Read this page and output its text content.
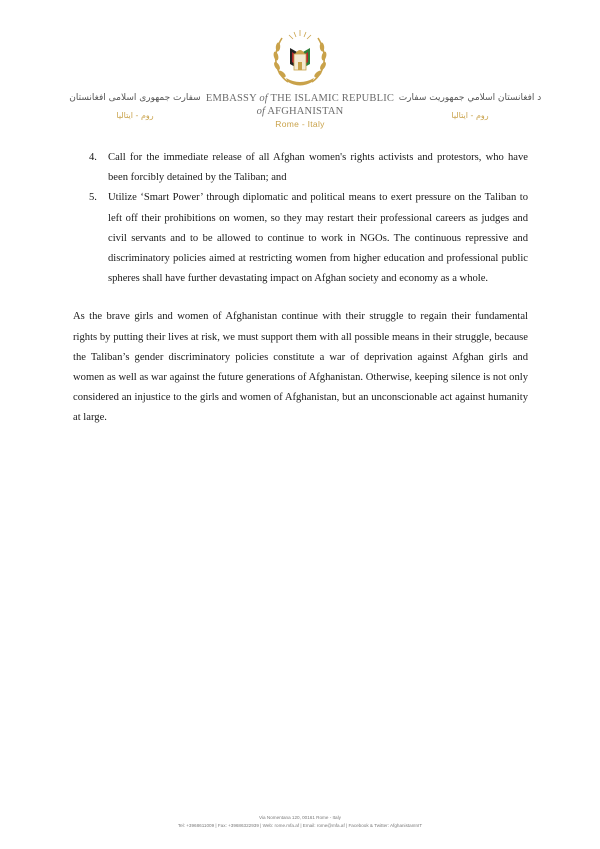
سفارت جمهوری اسلامی افغانستان
روم - ایتالیا
EMBASSY of THE ISLAMIC REPUBLIC
of AFGHANISTAN
Rome - Italy
د افغانستان اسلامي جمهوریت سفارت
روم - ایتالیا
4. Call for the immediate release of all Afghan women's rights activists and protestors, who have been forcibly detained by the Taliban; and
5. Utilize ‘Smart Power’ through diplomatic and political means to exert pressure on the Taliban to left off their prohibitions on women, so they may restart their professional careers as judges and civil servants and to be allowed to continue to work in NGOs. The continuous repressive and discriminatory policies aimed at restricting women from higher education and professional public spheres shall have further devastating impact on Afghan society and economy as a whole.

As the brave girls and women of Afghanistan continue with their struggle to regain their fundamental rights by putting their lives at risk, we must support them with all possible means in their struggle, because the Taliban’s gender discriminatory policies constitute a war of deprivation against Afghan girls and women as well as war against the future generations of Afghanistan. Otherwise, keeping silence is not only considered an injustice to the girls and women of Afghanistan, but an unconscionable act against humanity at large.

Via Nomentana 120, 00161 Rome - Italy
Tel: +3968611009 | Fax: +39686322939 | Web: rome.mfa.af | Email: rome@mfa.af | Facebook & Twitter: AfghanistanInIT
